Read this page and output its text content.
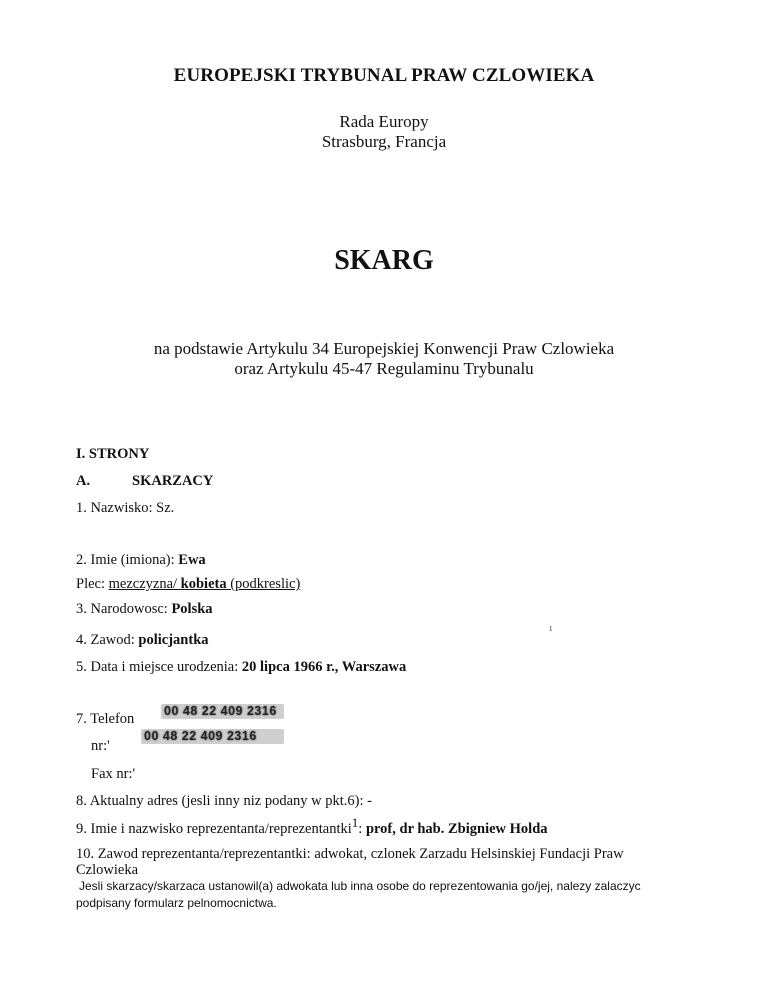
EUROPEJSKI TRYBUNAL PRAW CZLOWIEKA
Rada Europy
Strasburg, Francja
SKARG
na podstawie Artykulu 34 Europejskiej Konwencji Praw Czlowieka
oraz Artykulu 45-47 Regulaminu Trybunalu
I. STRONY
A.	SKARZACY
1. Nazwisko: Sz.
2. Imie (imiona): Ewa
Plec: mezczyzna/ kobieta (podkreslic)
3. Narodowosc: Polska
1
4. Zawod: policjantka
5. Data i miejsce urodzenia: 20 lipca 1966 r., Warszawa
00 48 22 409 2316
7. Telefon
00 48 22 409 2316
nr:'
Fax nr:'
8. Aktualny adres (jesli inny niz podany w pkt.6): -
9. Imie i nazwisko reprezentanta/reprezentantki$^1$: prof, dr hab. Zbigniew Holda
10. Zawod reprezentanta/reprezentantki: adwokat, czlonek Zarzadu Helsinskiej Fundacji Praw
Czlowieka
Jesli skarzacy/skarzaca ustanowil(a) adwokata lub inna osobe do reprezentowania go/jej, nalezy zalaczyc
podpisany formularz pelnomocnictwa.
